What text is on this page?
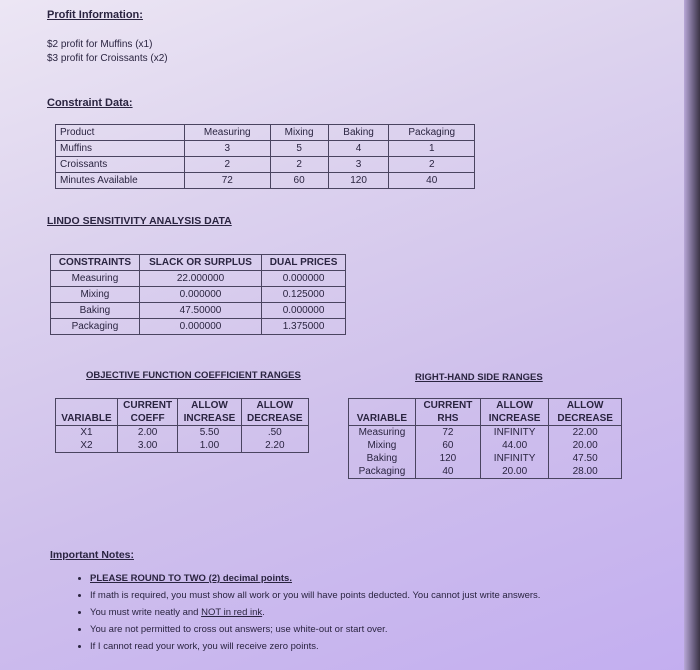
Profit Information:
$2 profit for Muffins (x1)
$3 profit for Croissants (x2)
Constraint Data:
Product	Measuring	Mixing	Baking	Packaging
Muffins	3	5	4	1
Croissants	2	2	3	2
Minutes Available	72	60	120	40
LINDO SENSITIVITY ANALYSIS DATA
CONSTRAINTS	SLACK OR SURPLUS	DUAL PRICES
Measuring	22.000000	0.000000
Mixing	0.000000	0.125000
Baking	47.50000	0.000000
Packaging	0.000000	1.375000
OBJECTIVE FUNCTION COEFFICIENT RANGES
	CURRENT	ALLOW	ALLOW
VARIABLE	COEFF	INCREASE	DECREASE
X1	2.00	5.50	.50
X2	3.00	1.00	2.20
RIGHT-HAND SIDE RANGES
	CURRENT	ALLOW	ALLOW
VARIABLE	RHS	INCREASE	DECREASE
Measuring	72	INFINITY	22.00
Mixing	60	44.00	20.00
Baking	120	INFINITY	47.50
Packaging	40	20.00	28.00
Important Notes:
• PLEASE ROUND TO TWO (2) decimal points.
• If math is required, you must show all work or you will have points deducted. You cannot just write answers.
• You must write neatly and NOT in red ink.
• You are not permitted to cross out answers; use white-out or start over.
• If I cannot read your work, you will receive zero points.
